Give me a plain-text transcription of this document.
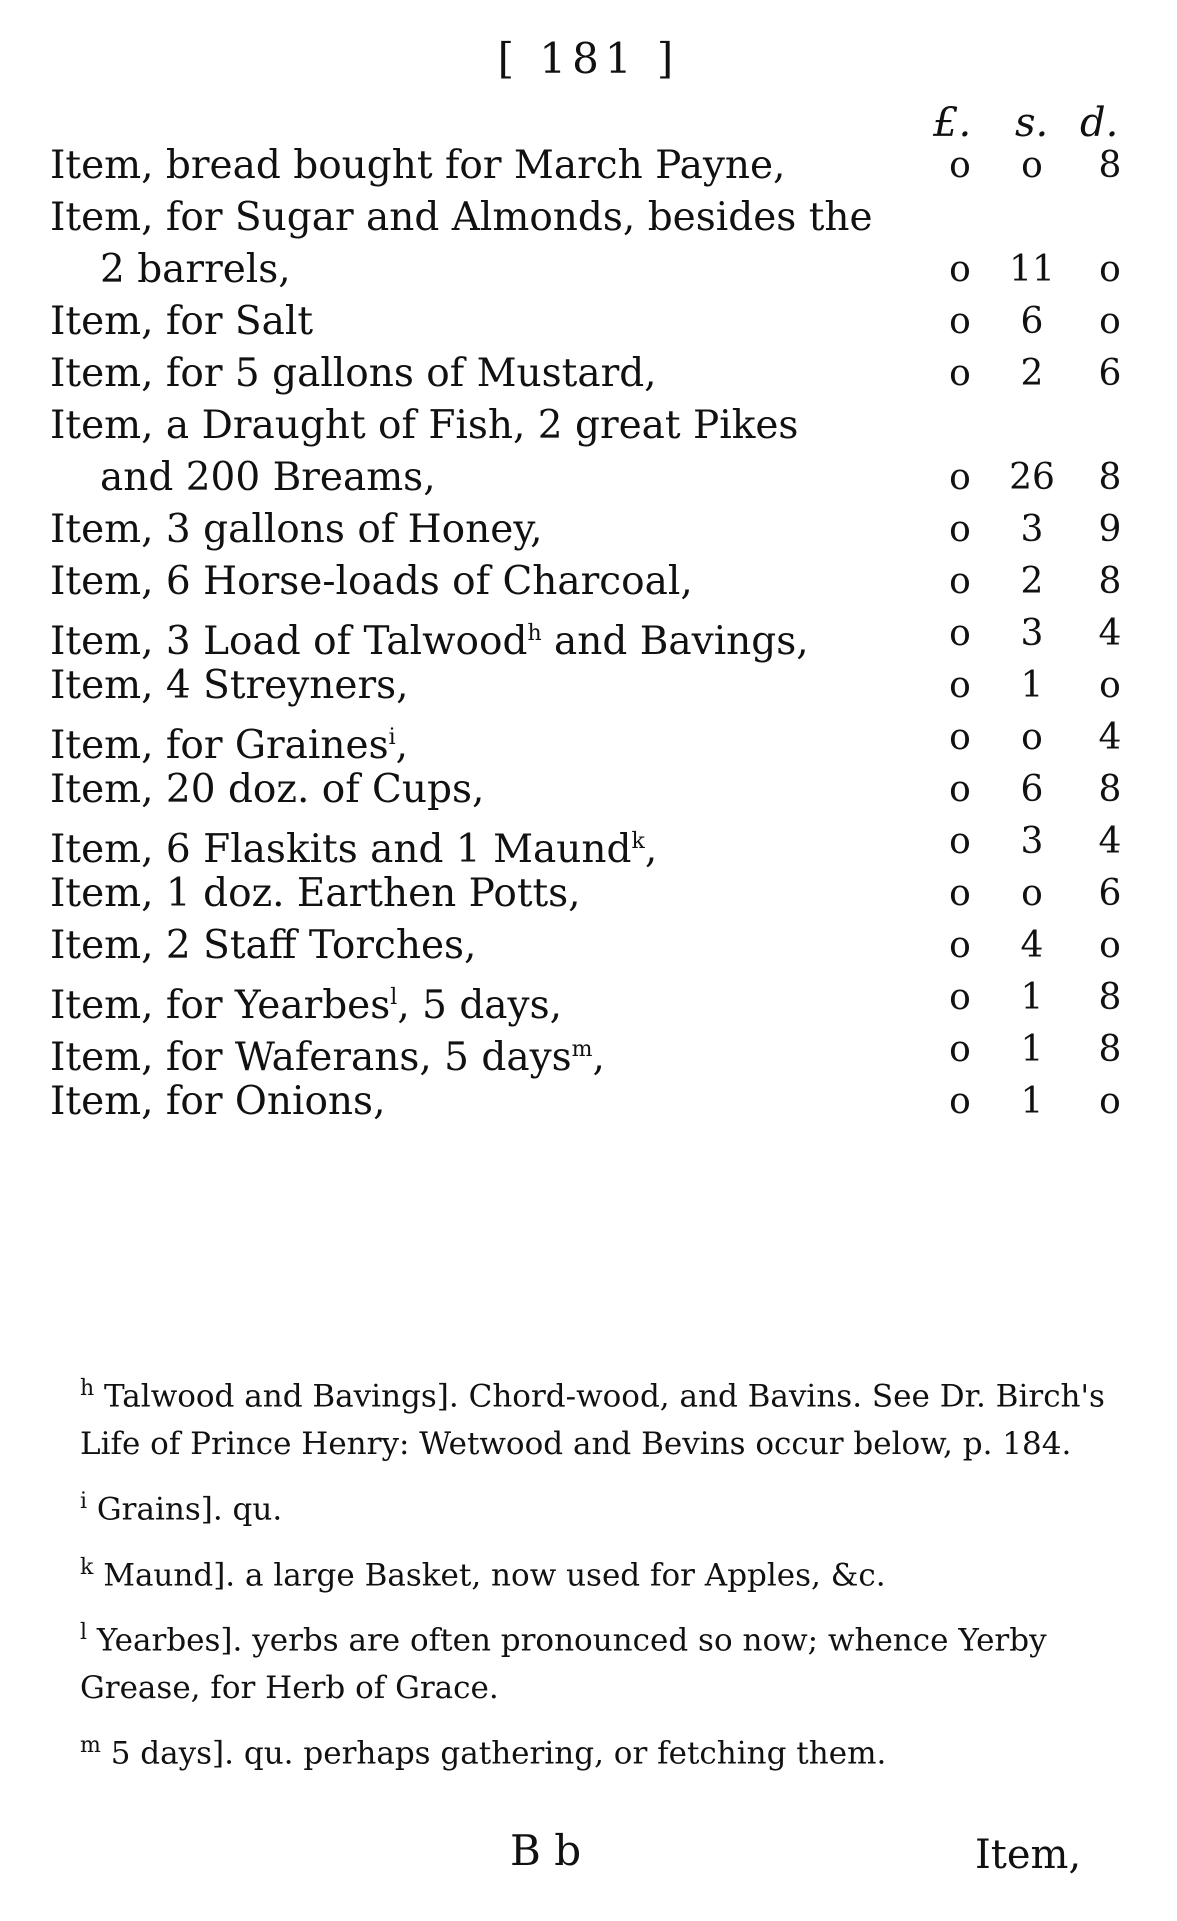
[ 181 ]
£. s. d.
Item, bread bought for March Payne,	o	o	8
Item, for Sugar and Almonds, besides the
2 barrels,	o	11	o
Item, for Salt	o	6	o
Item, for 5 gallons of Mustard,	o	2	6
Item, a Draught of Fish, 2 great Pikes
and 200 Breams,	o	26	8
Item, 3 gallons of Honey,	o	3	9
Item, 6 Horse-loads of Charcoal,	o	2	8
Item, 3 Load of Talwood$^h$ and Bavings,	o	3	4
Item, 4 Streyners,	o	1	o
Item, for Graines$^i$,	o	o	4
Item, 20 doz. of Cups,	o	6	8
Item, 6 Flaskits and 1 Maund$^k$,	o	3	4
Item, 1 doz. Earthen Potts,	o	o	6
Item, 2 Staff Torches,	o	4	o
Item, for Yearbes$^l$, 5 days,	o	1	8
Item, for Waferans, 5 days$^m$,	o	1	8
Item, for Onions,	o	1	o

$^h$ Talwood and Bavings]. Chord-wood, and Bavins. See Dr. Birch's Life of Prince Henry: Wetwood and Bevins occur below, p. 184.

$^i$ Grains]. qu.

$^k$ Maund]. a large Basket, now used for Apples, &c.

$^l$ Yearbes]. yerbs are often pronounced so now; whence Yerby Grease, for Herb of Grace.

$^m$ 5 days]. qu. perhaps gathering, or fetching them.

B b	Item,
